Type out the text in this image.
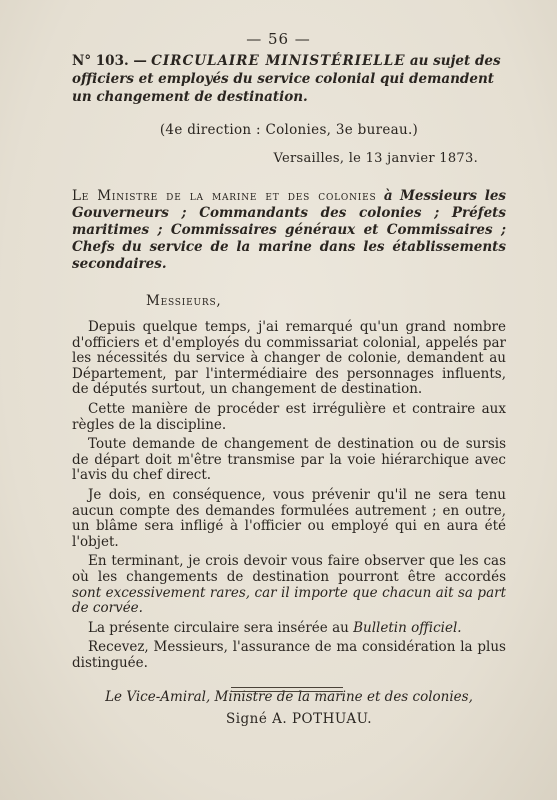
— 56 —

N° 103. — CIRCULAIRE MINISTÉRIELLE au sujet des officiers et employés du service colonial qui demandent un changement de destination.

(4e direction : Colonies, 3e bureau.)
Versailles, le 13 janvier 1873.
Le Ministre de la marine et des colonies à Messieurs les Gouverneurs ; Commandants des colonies ; Préfets maritimes ; Commissaires généraux et Commissaires ; Chefs du service de la marine dans les établissements secondaires.
Messieurs,

Depuis quelque temps, j'ai remarqué qu'un grand nombre d'officiers et d'employés du commissariat colonial, appelés par les nécessités du service à changer de colonie, demandent au Département, par l'intermédiaire des personnages influents, de députés surtout, un changement de destination.

Cette manière de procéder est irrégulière et contraire aux règles de la discipline.

Toute demande de changement de destination ou de sursis de départ doit m'être transmise par la voie hiérarchique avec l'avis du chef direct.

Je dois, en conséquence, vous prévenir qu'il ne sera tenu aucun compte des demandes formulées autrement ; en outre, un blâme sera infligé à l'officier ou employé qui en aura été l'objet.

En terminant, je crois devoir vous faire observer que les cas où les changements de destination pourront être accordés sont excessivement rares, car il importe que chacun ait sa part de corvée.

La présente circulaire sera insérée au Bulletin officiel.

Recevez, Messieurs, l'assurance de ma considération la plus distinguée.

Le Vice-Amiral, Ministre de la marine et des colonies,
Signé A. POTHUAU.
